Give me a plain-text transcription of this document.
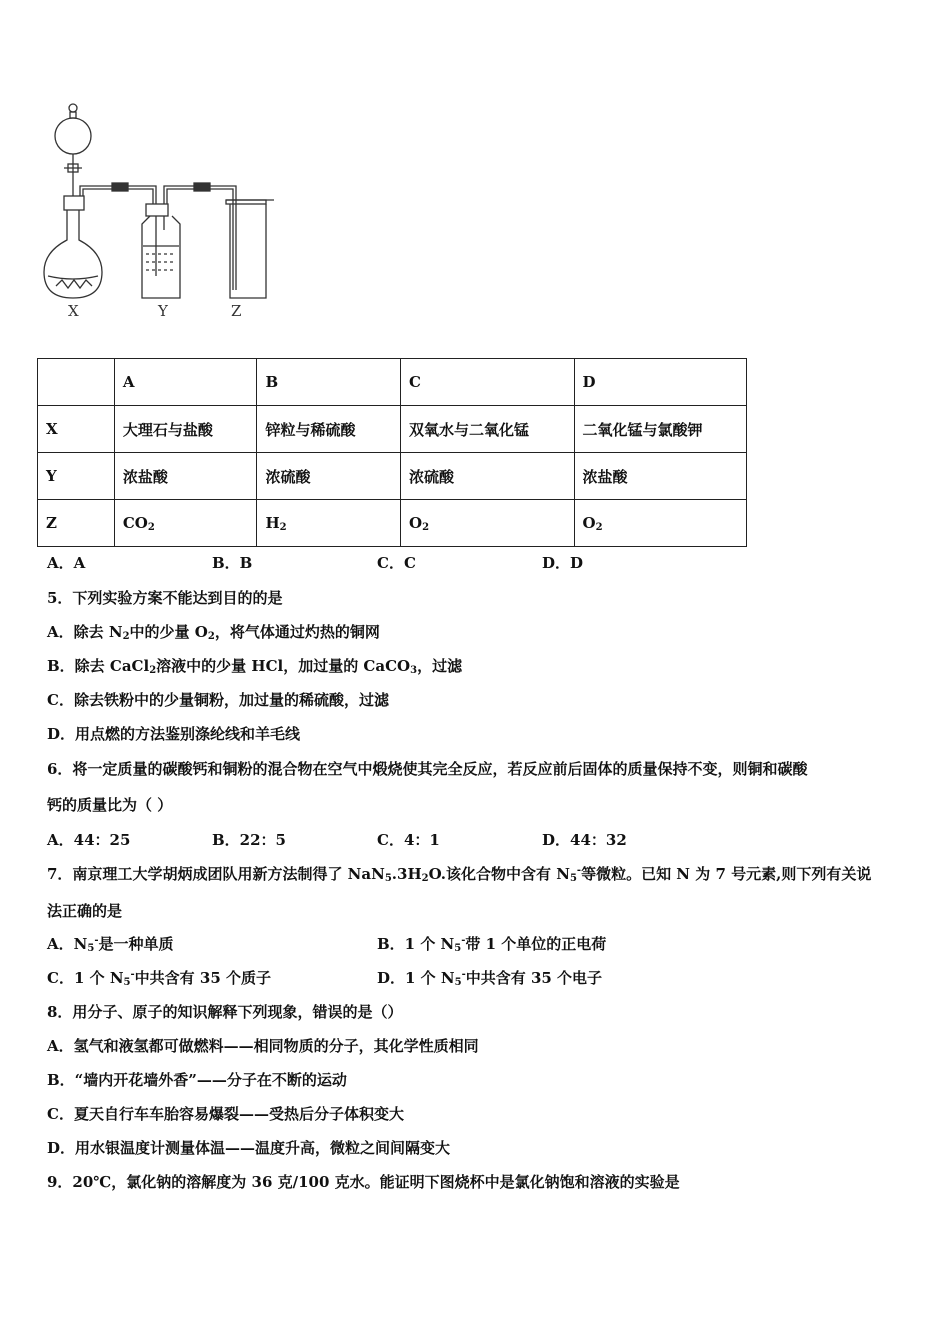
X	Y	Z
	A	B	C	D
X	大理石与盐酸	锌粒与稀硫酸	双氧水与二氧化锰	二氧化锰与氯酸钾
Y	浓盐酸	浓硫酸	浓硫酸	浓盐酸
Z	$CO_2$	$H_2$	$O_2$	$O_2$
A．A	B．B	C．C	D．D
5．下列实验方案不能达到目的的是
A．除去 $N_2$中的少量 $O_2$，将气体通过灼热的铜网
B．除去 CaCl$_2$溶液中的少量 HCl，加过量的 CaCO$_3$，过滤
C．除去铁粉中的少量铜粉，加过量的稀硫酸，过滤
D．用点燃的方法鉴别涤纶线和羊毛线
6．将一定质量的碳酸钙和铜粉的混合物在空气中煅烧使其完全反应，若反应前后固体的质量保持不变，则铜和碳酸
钙的质量比为（ ）
A．44：25	B．22：5	C．4：1	D．44：32
7．南京理工大学胡炳成团队用新方法制得了 $NaN_5.3H_2O$.该化合物中含有 $N_5^-$等微粒。已知 N 为 7 号元素,则下列有关说
法正确的是
A．$N_5^-$是一种单质	B．1 个 $N_5^-$带 1 个单位的正电荷
C．1 个 $N_5^-$中共含有 35 个质子	D．1 个 $N_5^-$中共含有 35 个电子
8．用分子、原子的知识解释下列现象，错误的是（）
A．氢气和液氢都可做燃料——相同物质的分子，其化学性质相同
B．“墙内开花墙外香”——分子在不断的运动
C．夏天自行车车胎容易爆裂——受热后分子体积变大
D．用水银温度计测量体温——温度升高，微粒之间间隔变大
9．20℃，氯化钠的溶解度为 36 克/100 克水。能证明下图烧杯中是氯化钠饱和溶液的实验是
